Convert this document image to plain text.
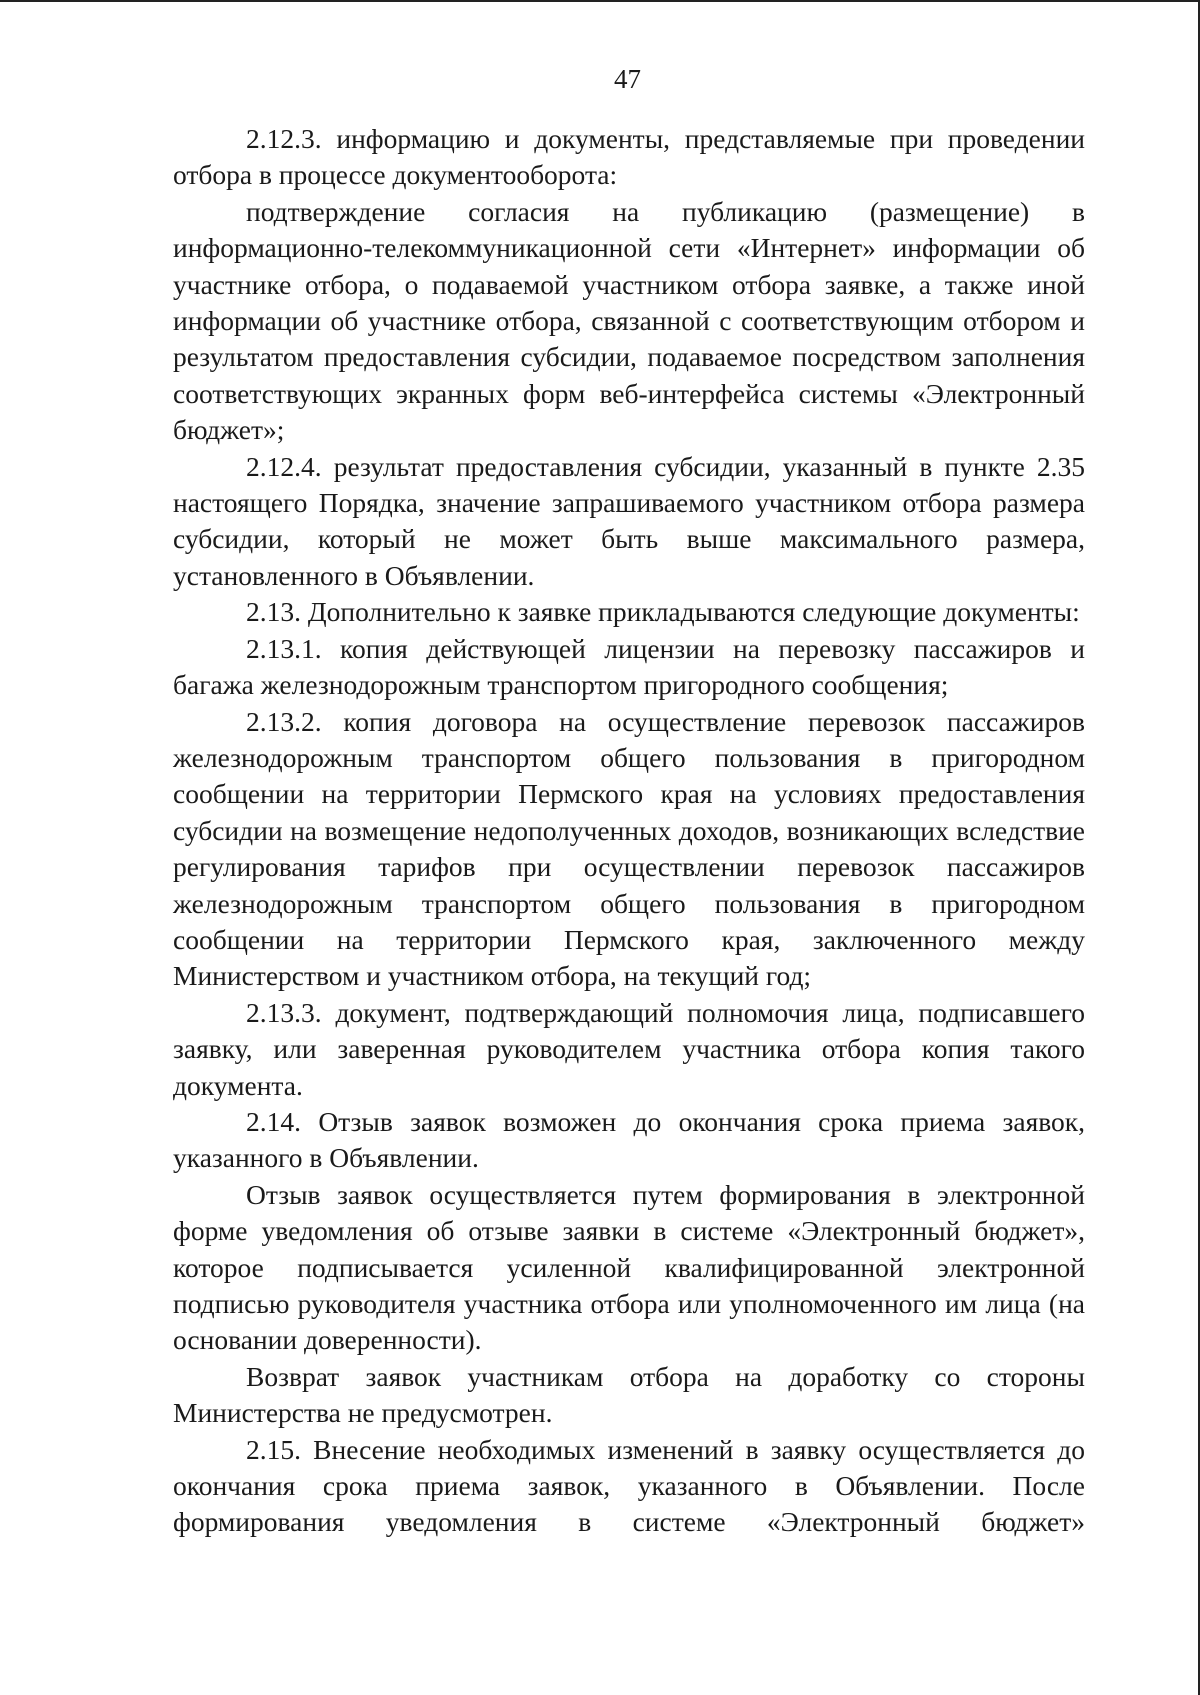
47

2.12.3. информацию и документы, представляемые при проведении отбора в процессе документооборота:

подтверждение согласия на публикацию (размещение) в информационно-телекоммуникационной сети «Интернет» информации об участнике отбора, о подаваемой участником отбора заявке, а также иной информации об участнике отбора, связанной с соответствующим отбором и результатом предоставления субсидии, подаваемое посредством заполнения соответствующих экранных форм веб-интерфейса системы «Электронный бюджет»;

2.12.4. результат предоставления субсидии, указанный в пункте 2.35 настоящего Порядка, значение запрашиваемого участником отбора размера субсидии, который не может быть выше максимального размера, установленного в Объявлении.

2.13. Дополнительно к заявке прикладываются следующие документы:

2.13.1. копия действующей лицензии на перевозку пассажиров и багажа железнодорожным транспортом пригородного сообщения;

2.13.2. копия договора на осуществление перевозок пассажиров железнодорожным транспортом общего пользования в пригородном сообщении на территории Пермского края на условиях предоставления субсидии на возмещение недополученных доходов, возникающих вследствие регулирования тарифов при осуществлении перевозок пассажиров железнодорожным транспортом общего пользования в пригородном сообщении на территории Пермского края, заключенного между Министерством и участником отбора, на текущий год;

2.13.3. документ, подтверждающий полномочия лица, подписавшего заявку, или заверенная руководителем участника отбора копия такого документа.

2.14. Отзыв заявок возможен до окончания срока приема заявок, указанного в Объявлении.

Отзыв заявок осуществляется путем формирования в электронной форме уведомления об отзыве заявки в системе «Электронный бюджет», которое подписывается усиленной квалифицированной электронной подписью руководителя участника отбора или уполномоченного им лица (на основании доверенности).

Возврат заявок участникам отбора на доработку со стороны Министерства не предусмотрен.

2.15. Внесение необходимых изменений в заявку осуществляется до окончания срока приема заявок, указанного в Объявлении. После формирования уведомления в системе «Электронный бюджет»
